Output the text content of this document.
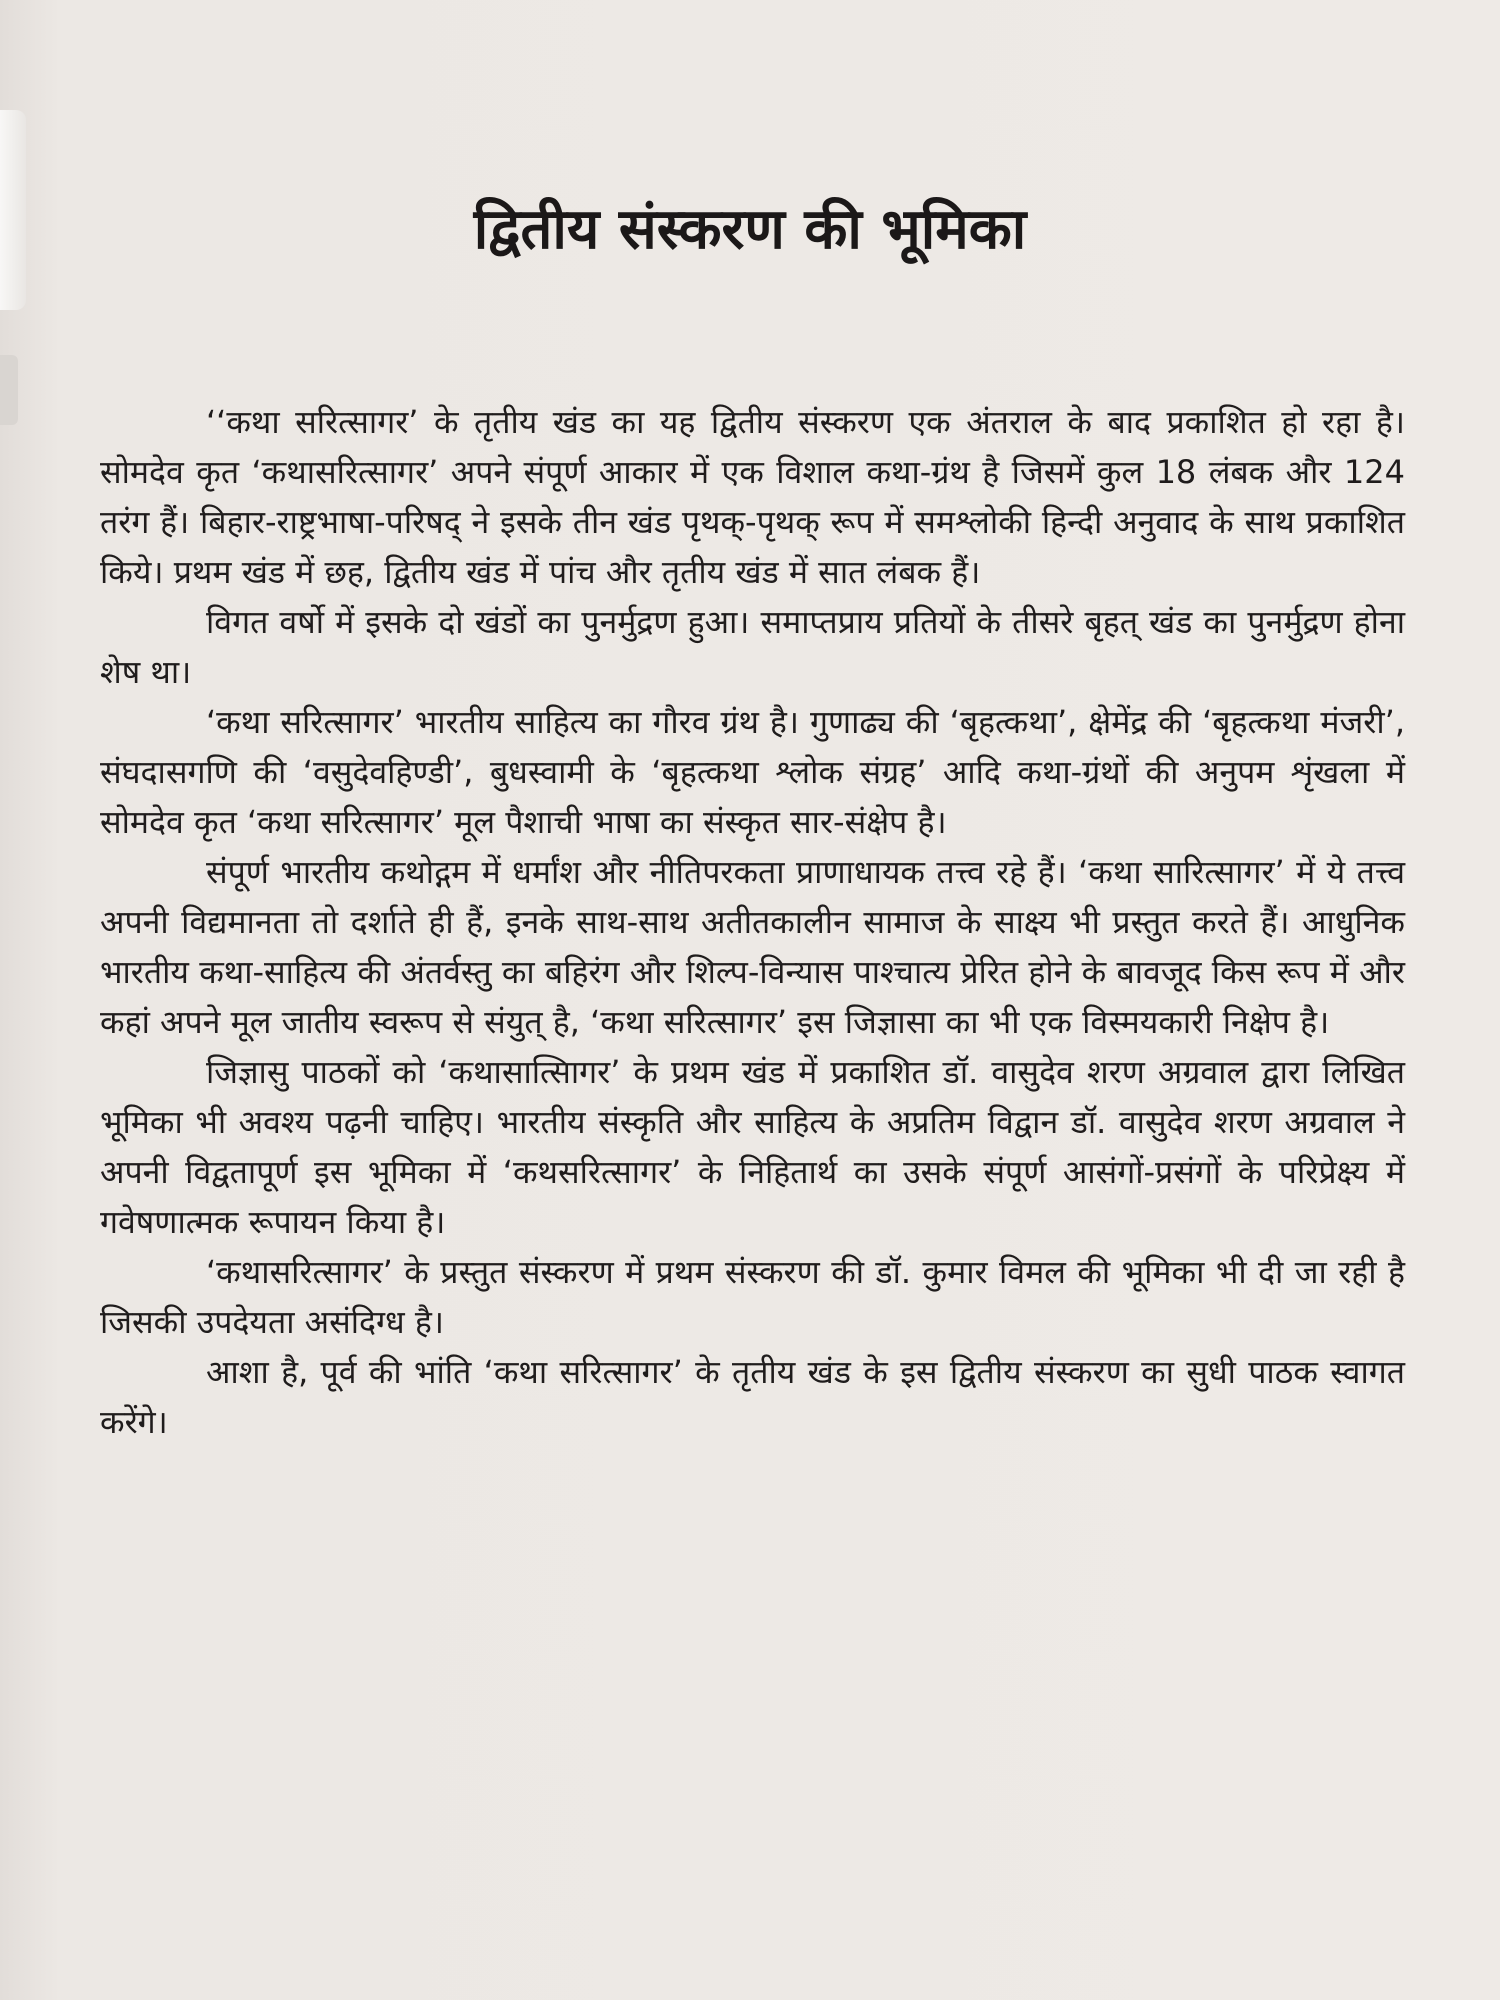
द्वितीय संस्करण की भूमिका

‘‘कथा सरित्सागर’ के तृतीय खंड का यह द्वितीय संस्करण एक अंतराल के बाद प्रकाशित हो रहा है। सोमदेव कृत ‘कथासरित्सागर’ अपने संपूर्ण आकार में एक विशाल कथा-ग्रंथ है जिसमें कुल 18 लंबक और 124 तरंग हैं। बिहार-राष्ट्रभाषा-परिषद् ने इसके तीन खंड पृथक्-पृथक् रूप में समश्लोकी हिन्दी अनुवाद के साथ प्रकाशित किये। प्रथम खंड में छह, द्वितीय खंड में पांच और तृतीय खंड में सात लंबक हैं।

विगत वर्षो में इसके दो खंडों का पुनर्मुद्रण हुआ। समाप्तप्राय प्रतियों के तीसरे बृहत् खंड का पुनर्मुद्रण होना शेष था।

‘कथा सरित्सागर’ भारतीय साहित्य का गौरव ग्रंथ है। गुणाढ्य की ‘बृहत्कथा’, क्षेमेंद्र की ‘बृहत्कथा मंजरी’, संघदासगणि की ‘वसुदेवहिण्डी’, बुधस्वामी के ‘बृहत्कथा श्लोक संग्रह’ आदि कथा-ग्रंथों की अनुपम शृंखला में सोमदेव कृत ‘कथा सरित्सागर’ मूल पैशाची भाषा का संस्कृत सार-संक्षेप है।

संपूर्ण भारतीय कथोद्गम में धर्मांश और नीतिपरकता प्राणाधायक तत्त्व रहे हैं। ‘कथा सारित्सागर’ में ये तत्त्व अपनी विद्यमानता तो दर्शाते ही हैं, इनके साथ-साथ अतीतकालीन सामाज के साक्ष्य भी प्रस्तुत करते हैं। आधुनिक भारतीय कथा-साहित्य की अंतर्वस्तु का बहिरंग और शिल्प-विन्यास पाश्चात्य प्रेरित होने के बावजूद किस रूप में और कहां अपने मूल जातीय स्वरूप से संयुत् है, ‘कथा सरित्सागर’ इस जिज्ञासा का भी एक विस्मयकारी निक्षेप है।

जिज्ञासु पाठकों को ‘कथासात्सिागर’ के प्रथम खंड में प्रकाशित डॉ. वासुदेव शरण अग्रवाल द्वारा लिखित भूमिका भी अवश्य पढ़नी चाहिए। भारतीय संस्कृति और साहित्य के अप्रतिम विद्वान डॉ. वासुदेव शरण अग्रवाल ने अपनी विद्वतापूर्ण इस भूमिका में ‘कथसरित्सागर’ के निहितार्थ का उसके संपूर्ण आसंगों-प्रसंगों के परिप्रेक्ष्य में गवेषणात्मक रूपायन किया है।

‘कथासरित्सागर’ के प्रस्तुत संस्करण में प्रथम संस्करण की डॉ. कुमार विमल की भूमिका भी दी जा रही है जिसकी उपदेयता असंदिग्ध है।

आशा है, पूर्व की भांति ‘कथा सरित्सागर’ के तृतीय खंड के इस द्वितीय संस्करण का सुधी पाठक स्वागत करेंगे।
